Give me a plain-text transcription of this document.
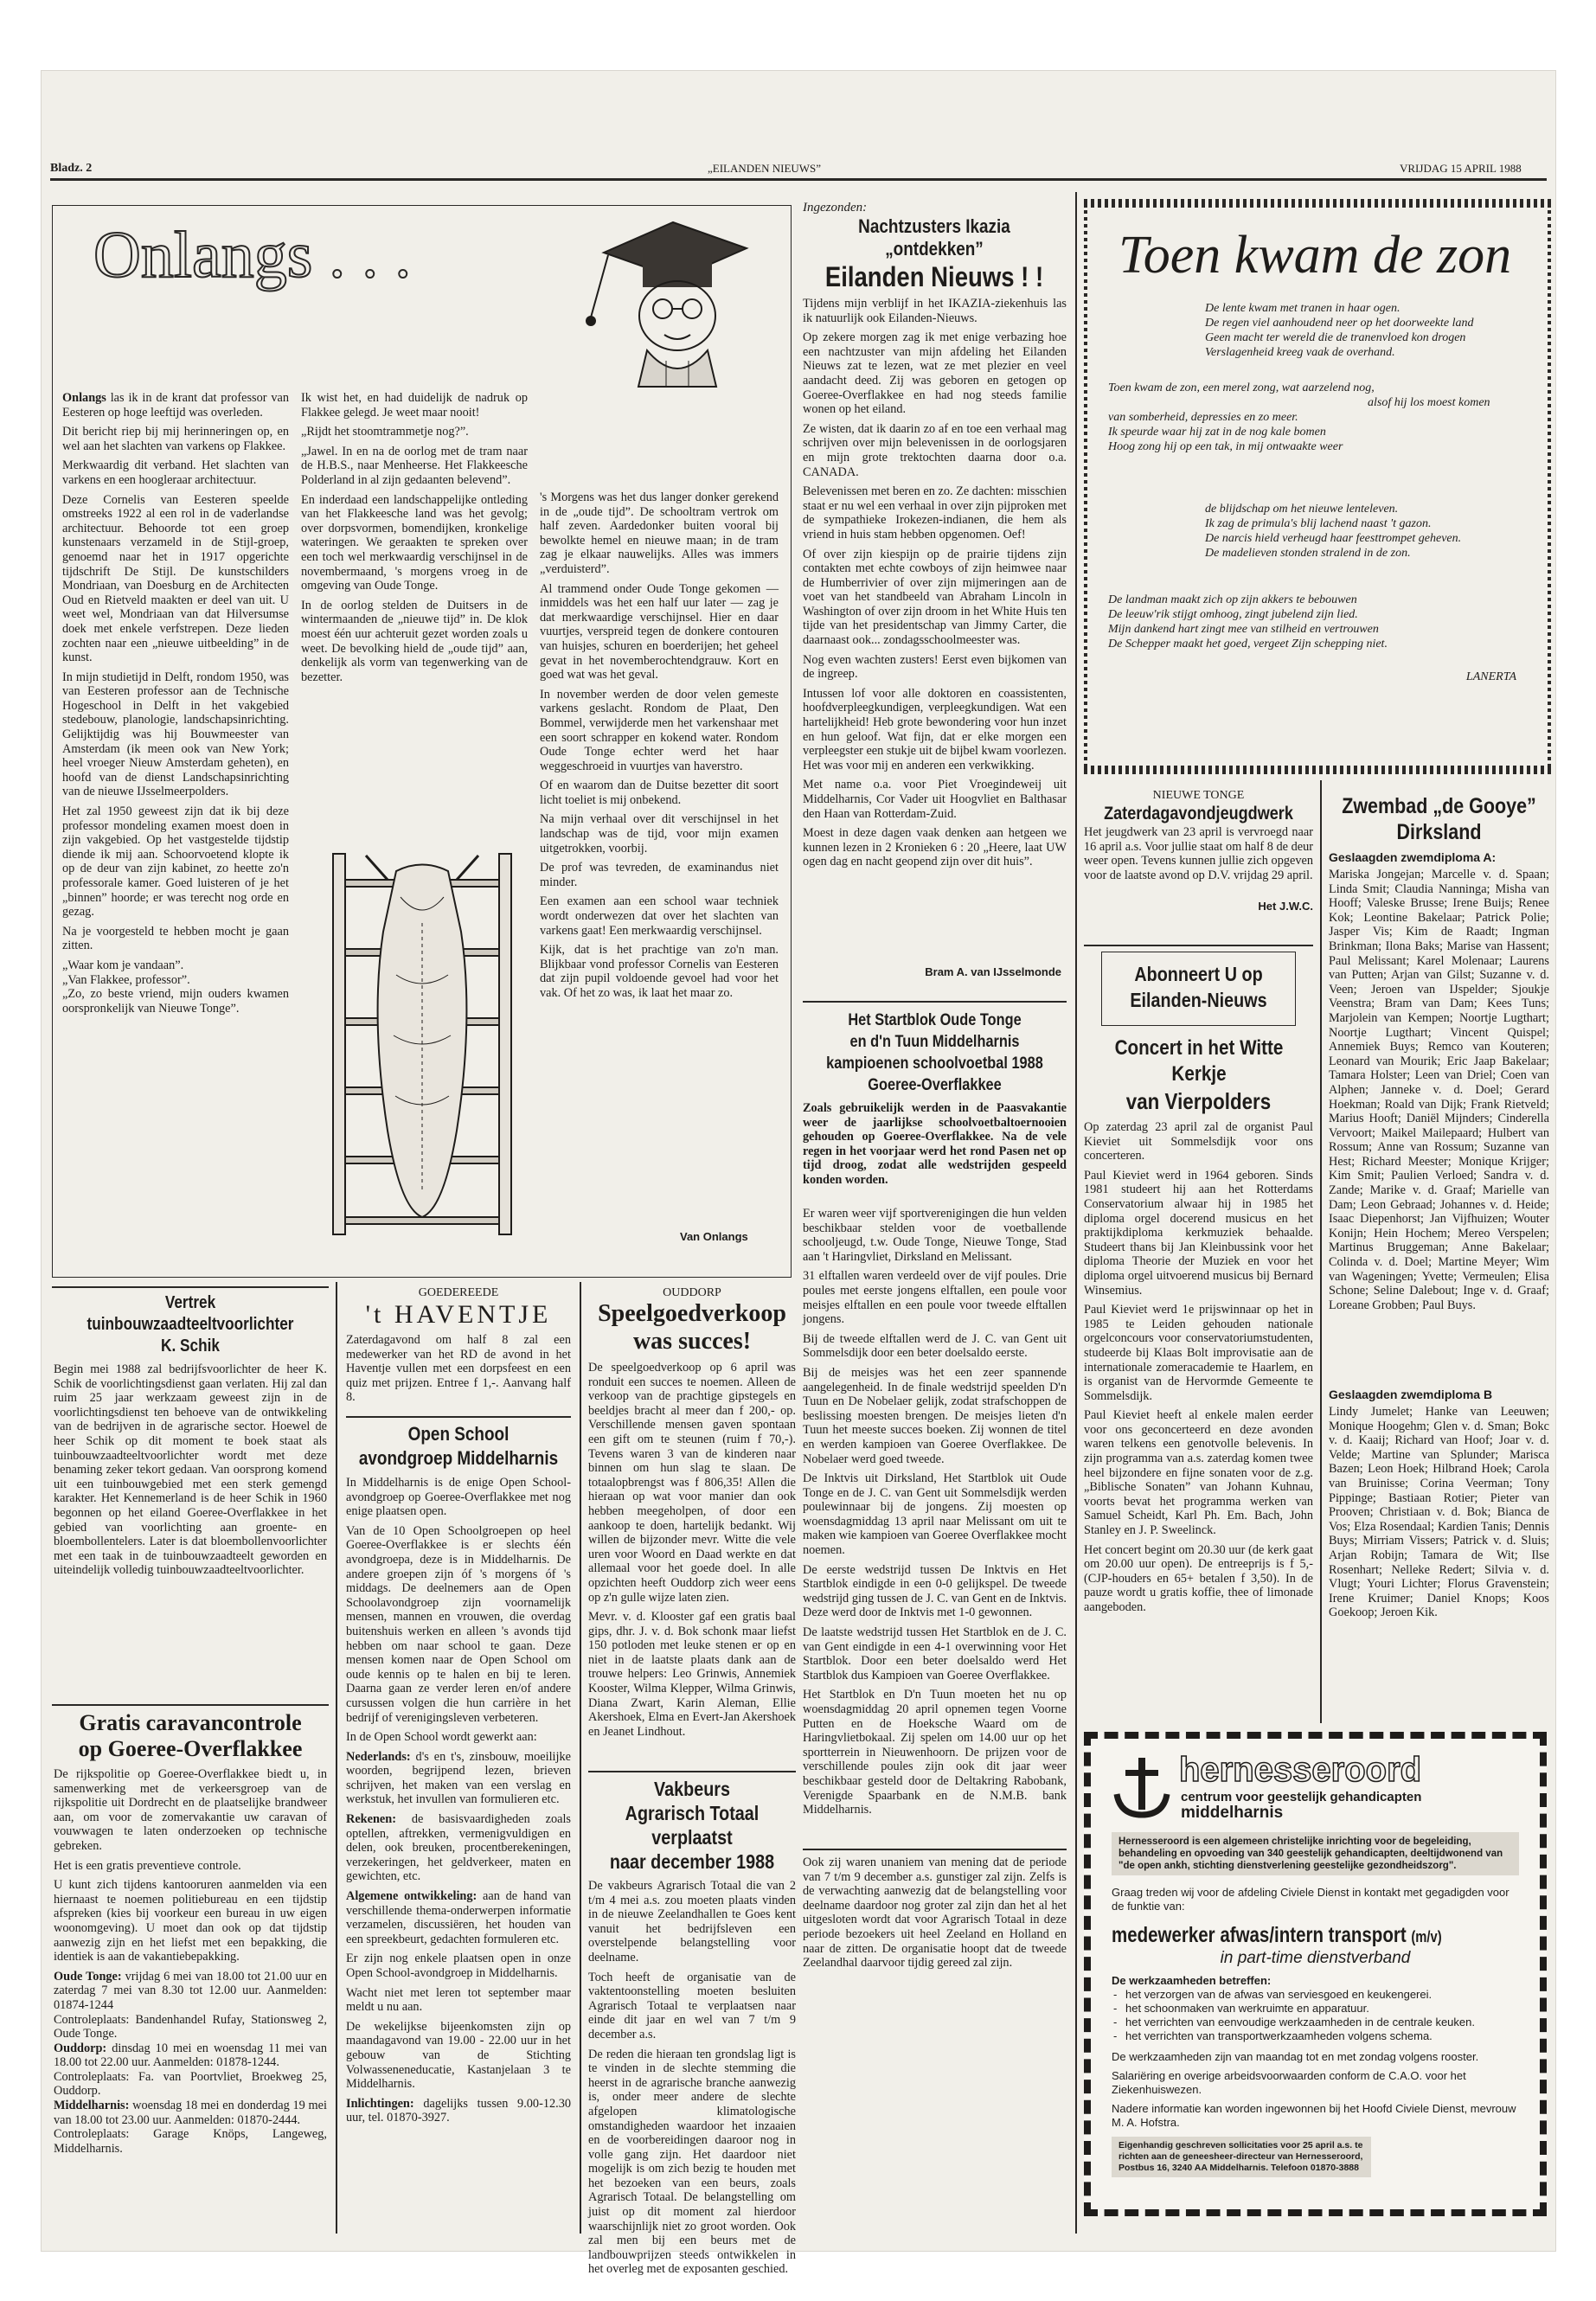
Bladz. 2	„EILANDEN NIEUWS”	VRIJDAG 15 APRIL 1988
Onlangs . . .

Onlangs las ik in de krant dat professor van Eesteren op hoge leeftijd was overleden.

Dit bericht riep bij mij herinneringen op, en wel aan het slachten van varkens op Flakkee.

Merkwaardig dit verband. Het slachten van varkens en een hoogleraar architectuur.

Deze Cornelis van Eesteren speelde omstreeks 1922 al een rol in de vaderlandse architectuur. Behoorde tot een groep kunstenaars verzameld in de Stijl-groep, genoemd naar het in 1917 opgerichte tijdschrift De Stijl. De kunstschilders Mondriaan, van Doesburg en de Architecten Oud en Rietveld maakten er deel van uit. U weet wel, Mondriaan van dat Hilversumse doek met enkele verfstrepen. Deze lieden zochten naar een „nieuwe uitbeelding” in de kunst.

In mijn studietijd in Delft, rondom 1950, was van Eesteren professor aan de Technische Hogeschool in Delft in het vakgebied stedebouw, planologie, landschapsinrichting. Gelijktijdig was hij Bouwmeester van Amsterdam (ik meen ook van New York; heel vroeger Nieuw Amsterdam geheten), en hoofd van de dienst Landschapsinrichting van de nieuwe IJsselmeerpolders.

Het zal 1950 geweest zijn dat ik bij deze professor mondeling examen moest doen in zijn vakgebied. Op het vastgestelde tijdstip diende ik mij aan. Schoorvoetend klopte ik op de deur van zijn kabinet, zo heette zo'n professorale kamer. Goed luisteren of je het „binnen” hoorde; er was terecht nog orde en gezag.

Na je voorgesteld te hebben mocht je gaan zitten.

„Waar kom je vandaan”.

„Van Flakkee, professor”.

„Zo, zo beste vriend, mijn ouders kwamen oorspronkelijk van Nieuwe Tonge”.

Ik wist het, en had duidelijk de nadruk op Flakkee gelegd. Je weet maar nooit!

„Rijdt het stoomtrammetje nog?”.

„Jawel. In en na de oorlog met de tram naar de H.B.S., naar Menheerse. Het Flakkeesche Polderland in al zijn gedaanten belevend”.

En inderdaad een landschappelijke ontleding van het Flakkeesche land was het gevolg; over dorpsvormen, bomendijken, kronkelige wateringen. We geraakten te spreken over een toch wel merkwaardig verschijnsel in de novembermaand, 's morgens vroeg in de omgeving van Oude Tonge.

In de oorlog stelden de Duitsers in de wintermaanden de „nieuwe tijd” in. De klok moest één uur achteruit gezet worden zoals u weet. De bevolking hield de „oude tijd” aan, denkelijk als vorm van tegenwerking van de bezetter.

's Morgens was het dus langer donker gerekend in de „oude tijd”. De schooltram vertrok om half zeven. Aardedonker buiten vooral bij bewolkte hemel en nieuwe maan; in de tram zag je elkaar nauwelijks. Alles was immers „verduisterd”.

Al trammend onder Oude Tonge gekomen — inmiddels was het een half uur later — zag je dat merkwaardige verschijnsel. Hier en daar vuurtjes, verspreid tegen de donkere contouren van huisjes, schuren en boerderijen; het geheel gevat in het novemberochtendgrauw. Kort en goed wat was het geval.

In november werden de door velen gemeste varkens geslacht. Rondom de Plaat, Den Bommel, verwijderde men het varkenshaar met een soort schrapper en kokend water. Rondom Oude Tonge echter werd het haar weggeschroeid in vuurtjes van haverstro.

Of en waarom dan de Duitse bezetter dit soort licht toeliet is mij onbekend.

Na mijn verhaal over dit verschijnsel in het landschap was de tijd, voor mijn examen uitgetrokken, voorbij.

De prof was tevreden, de examinandus niet minder.

Een examen aan een school waar techniek wordt onderwezen dat over het slachten van varkens gaat! Een merkwaardig verschijnsel.

Kijk, dat is het prachtige van zo'n man. Blijkbaar vond professor Cornelis van Eesteren dat zijn pupil voldoende gevoel had voor het vak. Of het zo was, ik laat het maar zo.

Van Onlangs
Ingezonden:
Nachtzusters Ikazia „ontdekken”
Eilanden Nieuws ! !

Tijdens mijn verblijf in het IKAZIA-ziekenhuis las ik natuurlijk ook Eilanden-Nieuws.

Op zekere morgen zag ik met enige verbazing hoe een nachtzuster van mijn afdeling het Eilanden Nieuws zat te lezen, wat ze met plezier en veel aandacht deed. Zij was geboren en getogen op Goeree-Overflakkee en had nog steeds familie wonen op het eiland.

Ze wisten, dat ik daarin zo af en toe een verhaal mag schrijven over mijn belevenissen in de oorlogsjaren en mijn grote trektochten daarna door o.a. CANADA.

Belevenissen met beren en zo. Ze dachten: misschien staat er nu wel een verhaal in over zijn pijproken met de sympathieke Irokezen-indianen, die hem als vriend in huis stam hebben opgenomen. Oef!

Of over zijn kiespijn op de prairie tijdens zijn contakten met echte cowboys of zijn heimwee naar de Humberrivier of over zijn mijmeringen aan de voet van het standbeeld van Abraham Lincoln in Washington of over zijn droom in het White Huis ten tijde van het presidentschap van Jimmy Carter, die daarnaast ook... zondagsschoolmeester was.

Nog even wachten zusters! Eerst even bijkomen van de ingreep.

Intussen lof voor alle doktoren en coassistenten, hoofdverpleegkundigen, verpleegkundigen. Wat een hartelijkheid! Heb grote bewondering voor hun inzet en hun geloof. Wat fijn, dat er elke morgen een verpleegster een stukje uit de bijbel kwam voorlezen. Het was voor mij en anderen een verkwikking.

Met name o.a. voor Piet Vroegindeweij uit Middelharnis, Cor Vader uit Hoogvliet en Balthasar den Haan van Rotterdam-Zuid.

Moest in deze dagen vaak denken aan hetgeen we kunnen lezen in 2 Kronieken 6 : 20 „Heere, laat UW ogen dag en nacht geopend zijn over dit huis”.

Bram A. van IJsselmonde
Toen kwam de zon
De lente kwam met tranen in haar ogen.
De regen viel aanhoudend neer op het doorweekte land
Geen macht ter wereld die de tranenvloed kon drogen
Verslagenheid kreeg vaak de overhand.
Toen kwam de zon, een merel zong, wat aarzelend nog,
alsof hij los moest komen
van somberheid, depressies en zo meer.
Ik speurde waar hij zat in de nog kale bomen
Hoog zong hij op een tak, in mij ontwaakte weer
de blijdschap om het nieuwe lenteleven.
Ik zag de primula's blij lachend naast 't gazon.
De narcis hield verheugd haar feesttrompet geheven.
De madelieven stonden stralend in de zon.
De landman maakt zich op zijn akkers te bebouwen
De leeuw'rik stijgt omhoog, zingt jubelend zijn lied.
Mijn dankend hart zingt mee van stilheid en vertrouwen
De Schepper maakt het goed, vergeet Zijn schepping niet.
LANERTA
NIEUWE TONGE
Zaterdagavondjeugdwerk
Het jeugdwerk van 23 april is vervroegd naar 16 april a.s. Voor jullie staat om half 8 de deur weer open. Tevens kunnen jullie zich opgeven voor de laatste avond op D.V. vrijdag 29 april.
Het J.W.C.
Abonneert U op
Eilanden-Nieuws
Concert in het Witte Kerkje
van Vierpolders

Op zaterdag 23 april zal de organist Paul Kieviet uit Sommelsdijk voor ons concerteren.

Paul Kieviet werd in 1964 geboren. Sinds 1981 studeert hij aan het Rotterdams Conservatorium alwaar hij in 1985 het diploma orgel docerend musicus en het praktijkdiploma kerkmuziek behaalde. Studeert thans bij Jan Kleinbussink voor het diploma Theorie der Muziek en voor het diploma orgel uitvoerend musicus bij Bernard Winsemius.

Paul Kieviet werd 1e prijswinnaar op het in 1985 te Leiden gehouden nationale orgelconcours voor conservatoriumstudenten, studeerde bij Klaas Bolt improvisatie aan de internationale zomeracademie te Haarlem, en is organist van de Hervormde Gemeente te Sommelsdijk.

Paul Kieviet heeft al enkele malen eerder voor ons geconcerteerd en deze avonden waren telkens een genotvolle belevenis. In zijn programma van a.s. zaterdag komen twee heel bijzondere en fijne sonaten voor de z.g. „Biblische Sonaten” van Johann Kuhnau, voorts bevat het programma werken van Samuel Scheidt, Karl Ph. Em. Bach, John Stanley en J. P. Sweelinck.

Het concert begint om 20.30 uur (de kerk gaat om 20.00 uur open). De entreeprijs is f 5,- (CJP-houders en 65+ betalen f 3,50). In de pauze wordt u gratis koffie, thee of limonade aangeboden.

Zwembad „de Gooye”
Dirksland
Geslaagden zwemdiploma A:
Mariska Jongejan; Marcelle v. d. Spaan; Linda Smit; Claudia Nanninga; Misha van Hooff; Valeske Brusse; Irene Buijs; Renee Kok; Leontine Bakelaar; Patrick Polie; Jasper Vis; Kim de Raadt; Ingman Brinkman; Ilona Baks; Marise van Hassent; Paul Melissant; Karel Molenaar; Laurens van Putten; Arjan van Gilst; Suzanne v. d. Veen; Jeroen van IJspelder; Sjoukje Veenstra; Bram van Dam; Kees Tuns; Marjolein van Kempen; Noortje Lugthart; Noortje Lugthart; Vincent Quispel; Annemiek Buys; Remco van Kouteren; Leonard van Mourik; Eric Jaap Bakelaar; Tamara Holster; Leen van Driel; Coen van Alphen; Janneke v. d. Doel; Gerard Hoekman; Roald van Dijk; Frank Rietveld; Marius Hooft; Daniël Mijnders; Cinderella Vervoort; Maikel Mailepaard; Hulbert van Rossum; Anne van Rossum; Suzanne van Hest; Richard Meester; Monique Krijger; Kim Smit; Paulien Verloed; Sandra v. d. Zande; Marike v. d. Graaf; Marielle van Dam; Leon Gebraad; Johannes v. d. Heide; Isaac Diepenhorst; Jan Vijfhuizen; Wouter Konijn; Hein Hochem; Mereo Verspelen; Martinus Bruggeman; Anne Bakelaar; Colinda v. d. Doel; Martine Meyer; Wim van Wageningen; Yvette; Vermeulen; Elisa Schone; Seline Dalebout; Inge v. d. Graaf; Loreane Grobben; Paul Buys.
Geslaagden zwemdiploma B
Lindy Jumelet; Hanke van Leeuwen; Monique Hoogehm; Glen v. d. Sman; Bokc v. d. Kaaij; Richard van Hoof; Joar v. d. Velde; Martine van Splunder; Marisca Bazen; Leon Hoek; Hilbrand Hoek; Carola van Bruinisse; Corina Veerman; Tony Pippinge; Bastiaan Rotier; Pieter van Prooven; Christiaan v. d. Bok; Bianca de Vos; Elza Rosendaal; Kardien Tanis; Dennis Buys; Mirriam Vissers; Patrick v. d. Sluis; Arjan Robijn; Tamara de Wit; Ilse Rosenhart; Nelleke Redert; Silvia v. d. Vlugt; Youri Lichter; Florus Gravenstein; Irene Kruimer; Daniel Knops; Koos Goekoop; Jeroen Kik.
Het Startblok Oude Tonge
en d'n Tuun Middelharnis
kampioenen schoolvoetbal 1988
Goeree-Overflakkee
Zoals gebruikelijk werden in de Paasvakantie weer de jaarlijkse schoolvoetbaltoernooien gehouden op Goeree-Overflakkee. Na de vele regen in het voorjaar werd het rond Pasen net op tijd droog, zodat alle wedstrijden gespeeld konden worden.

Er waren weer vijf sportverenigingen die hun velden beschikbaar stelden voor de voetballende schooljeugd, t.w. Oude Tonge, Nieuwe Tonge, Stad aan 't Haringvliet, Dirksland en Melissant.

31 elftallen waren verdeeld over de vijf poules. Drie poules met eerste jongens elftallen, een poule voor meisjes elftallen en een poule voor tweede elftallen jongens.

Bij de tweede elftallen werd de J. C. van Gent uit Sommelsdijk door een beter doelsaldo eerste.

Bij de meisjes was het een zeer spannende aangelegenheid. In de finale wedstrijd speelden D'n Tuun en De Nobelaer gelijk, zodat strafschoppen de beslissing moesten brengen. De meisjes lieten d'n Tuun het meeste succes boeken. Zij wonnen de titel en werden kampioen van Goeree Overflakkee. De Nobelaer werd goed tweede.

De Inktvis uit Dirksland, Het Startblok uit Oude Tonge en de J. C. van Gent uit Sommelsdijk werden poulewinnaar bij de jongens. Zij moesten op woensdagmiddag 13 april naar Melissant om uit te maken wie kampioen van Goeree Overflakkee mocht noemen.

De eerste wedstrijd tussen De Inktvis en Het Startblok eindigde in een 0-0 gelijkspel. De tweede wedstrijd ging tussen de J. C. van Gent en de Inktvis. Deze werd door de Inktvis met 1-0 gewonnen.

De laatste wedstrijd tussen Het Startblok en de J. C. van Gent eindigde in een 4-1 overwinning voor Het Startblok. Door een beter doelsaldo werd Het Startblok dus Kampioen van Goeree Overflakkee.

Het Startblok en D'n Tuun moeten het nu op woensdagmiddag 20 april opnemen tegen Voorne Putten en de Hoeksche Waard om de Haringvlietbokaal. Zij spelen om 14.00 uur op het sportterrein in Nieuwenhoorn. De prijzen voor de verschillende poules zijn ook dit jaar weer beschikbaar gesteld door de Deltakring Rabobank, Verenigde Spaarbank en de N.M.B. bank Middelharnis.

Ook zij waren unaniem van mening dat de periode van 7 t/m 9 december a.s. gunstiger zal zijn. Zelfs is de verwachting aanwezig dat de belangstelling voor deelname daardoor nog groter zal zijn dan het al het uitgesloten wordt dat voor Agrarisch Totaal in deze periode bezoekers uit heel Zeeland en Holland en naar de zitten. De organisatie hoopt dat de tweede Zeelandhal daarvoor tijdig gereed zal zijn.
Vertrek
tuinbouwzaadteeltvoorlichter
K. Schik
Begin mei 1988 zal bedrijfsvoorlichter de heer K. Schik de voorlichtingsdienst gaan verlaten. Hij zal dan ruim 25 jaar werkzaam geweest zijn in de voorlichtingsdienst ten behoeve van de ontwikkeling van de bedrijven in de agrarische sector. Hoewel de heer Schik op dit moment te boek staat als tuinbouwzaadteeltvoorlichter wordt met deze benaming zeker tekort gedaan. Van oorsprong komend uit een tuinbouwgebied met een sterk gemengd karakter. Het Kennemerland is de heer Schik in 1960 begonnen op het eiland Goeree-Overflakkee in het gebied van voorlichting aan groente- en bloembollentelers. Later is dat bloembollenvoorlichter met een taak in de tuinbouwzaadteelt geworden en uiteindelijk volledig tuinbouwzaadteeltvoorlichter.
Gratis caravancontrole
op Goeree-Overflakkee

De rijkspolitie op Goeree-Overflakkee biedt u, in samenwerking met de verkeersgroep van de rijkspolitie uit Dordrecht en de plaatselijke brandweer aan, om voor de zomervakantie uw caravan of vouwwagen te laten onderzoeken op technische gebreken.

Het is een gratis preventieve controle.

U kunt zich tijdens kantooruren aanmelden via een hiernaast te noemen politiebureau en een tijdstip afspreken (kies bij voorkeur een bureau in uw eigen woonomgeving). U moet dan ook op dat tijdstip aanwezig zijn en het liefst met een bepakking, die identiek is aan de vakantiebepakking.

Oude Tonge: vrijdag 6 mei van 18.00 tot 21.00 uur en zaterdag 7 mei van 8.30 tot 12.00 uur. Aanmelden: 01874-1244
Controleplaats: Bandenhandel Rufay, Stationsweg 2, Oude Tonge.
Ouddorp: dinsdag 10 mei en woensdag 11 mei van 18.00 tot 22.00 uur. Aanmelden: 01878-1244.
Controleplaats: Fa. van Poortvliet, Broekweg 25, Ouddorp.
Middelharnis: woensdag 18 mei en donderdag 19 mei van 18.00 tot 23.00 uur. Aanmelden: 01870-2444.
Controleplaats: Garage Knöps, Langeweg, Middelharnis.
GOEDEREEDE
't HAVENTJE
Zaterdagavond om half 8 zal een medewerker van het RD de avond in het Haventje vullen met een dorpsfeest en een quiz met prijzen. Entree f 1,-. Aanvang half 8.
Open School
avondgroep Middelharnis

In Middelharnis is de enige Open School-avondgroep op Goeree-Overflakkee met nog enige plaatsen open.

Van de 10 Open Schoolgroepen op heel Goeree-Overflakkee is er slechts één avondgroepa, deze is in Middelharnis. De andere groepen zijn óf 's morgens óf 's middags. De deelnemers aan de Open Schoolavondgroep zijn voornamelijk mensen, mannen en vrouwen, die overdag buitenshuis werken en alleen 's avonds tijd hebben om naar school te gaan. Deze mensen komen naar de Open School om oude kennis op te halen en bij te leren. Daarna gaan ze verder leren en/of andere cursussen volgen die hun carrière in het bedrijf of verenigingsleven verbeteren.

In de Open School wordt gewerkt aan:

Nederlands: d's en t's, zinsbouw, moeilijke woorden, begrijpend lezen, brieven schrijven, het maken van een verslag en werkstuk, het invullen van formulieren etc.

Rekenen: de basisvaardigheden zoals optellen, aftrekken, vermenigvuldigen en delen, ook breuken, procentberekeningen, verzekeringen, het geldverkeer, maten en gewichten, etc.

Algemene ontwikkeling: aan de hand van verschillende thema-onderwerpen informatie verzamelen, discussiëren, het houden van een spreekbeurt, gedachten formuleren etc.

Er zijn nog enkele plaatsen open in onze Open School-avondgroep in Middelharnis.

Wacht niet met leren tot september maar meldt u nu aan.

De wekelijkse bijeenkomsten zijn op maandagavond van 19.00 - 22.00 uur in het gebouw van de Stichting Volwassenenеducatie, Kastanjelaan 3 te Middelharnis.

Inlichtingen: dagelijks tussen 9.00-12.30 uur, tel. 01870-3927.

OUDDORP
Speelgoedverkoop
was succes!

De speelgoedverkoop op 6 april was ronduit een succes te noemen. Alleen de verkoop van de prachtige gipstegels en beeldjes bracht al meer dan f 200,- op. Verschillende mensen gaven spontaan een gift om te steunen (ruim f 70,-). Tevens waren 3 van de kinderen naar binnen om hun slag te slaan. De totaalopbrengst was f 806,35! Allen die hieraan op wat voor manier dan ook hebben meegeholpen, of door een aankoop te doen, hartelijk bedankt. Wij willen de bijzonder mevr. Witte die vele uren voor Woord en Daad werkte en dat allemaal voor het goede doel. In alle opzichten heeft Ouddorp zich weer eens op z'n gulle wijze laten zien.

Mevr. v. d. Klooster gaf een gratis baal gips, dhr. J. v. d. Bok schonk maar liefst 150 potloden met leuke stenen er op en niet in de laatste plaats dank aan de trouwe helpers: Leo Grinwis, Annemiek Kooster, Wilma Klepper, Wilma Grinwis, Diana Zwart, Karin Aleman, Ellie Akershoek, Elma en Evert-Jan Akershoek en Jeanet Lindhout.

Vakbeurs
Agrarisch Totaal verplaatst
naar december 1988

De vakbeurs Agrarisch Totaal die van 2 t/m 4 mei a.s. zou moeten plaats vinden in de nieuwe Zeelandhallen te Goes kent vanuit het bedrijfsleven een overstelpende belangstelling voor deelname.

Toch heeft de organisatie van de vaktentoonstelling moeten besluiten Agrarisch Totaal te verplaatsen naar einde dit jaar en wel van 7 t/m 9 december a.s.

De reden die hieraan ten grondslag ligt is te vinden in de slechte stemming die heerst in de agrarische branche aanwezig is, onder meer andere de slechte afgelopen klimatologische omstandigheden waardoor het inzaaien en de voorbereidingen daaroor nog in volle gang zijn. Het daardoor niet mogelijk is om zich bezig te houden met het bezoeken van een beurs, zoals Agrarisch Totaal. De belangstelling om juist op dit moment zal hierdoor waarschijnlijk niet zo groot worden. Ook zal men bij een beurs met de landbouwprijzen steeds ontwikkelen in het overleg met de exposanten geschied.

hernesseroord
centrum voor geestelijk gehandicapten
middelharnis
Hernesseroord is een algemeen christelijke inrichting voor de begeleiding, behandeling en opvoeding van 340 geestelijk gehandicapten, deeltijdwonend van "de open ankh, stichting dienstverlening geestelijke gezondheidszorg".
Graag treden wij voor de afdeling Civiele Dienst in kontakt met gegadigden voor de funktie van:
medewerker afwas/intern transport (m/v)
in part-time dienstverband
De werkzaamheden betreffen:
- het verzorgen van de afwas van serviesgoed en keukengerei.
- het schoonmaken van werkruimte en apparatuur.
- het verrichten van eenvoudige werkzaamheden in de centrale keuken.
- het verrichten van transportwerkzaamheden volgens schema.
De werkzaamheden zijn van maandag tot en met zondag volgens rooster.
Salariëring en overige arbeidsvoorwaarden conform de C.A.O. voor het Ziekenhuiswezen.
Nadere informatie kan worden ingewonnen bij het Hoofd Civiele Dienst, mevrouw M. A. Hofstra.
Eigenhandig geschreven sollicitaties voor 25 april a.s. te richten aan de geneesheer-directeur van Hernesseroord, Postbus 16, 3240 AA Middelharnis. Telefoon 01870-3888
